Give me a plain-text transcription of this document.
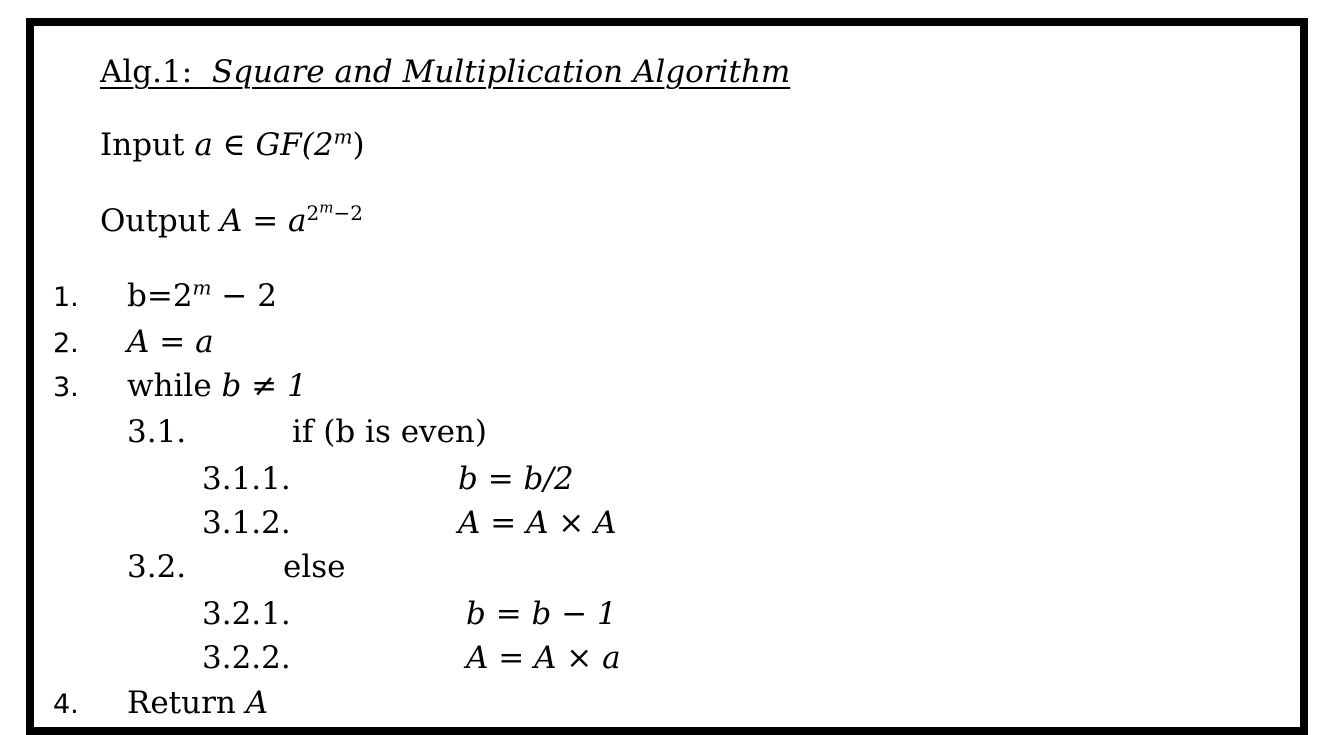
Alg.1: Square and Multiplication Algorithm
Input a ∈ GF(2$^m$)
Output $A = a^{2^m-2}$
1. $b=2^m - 2$
2. A = a
3. while b ≠ 1
3.1.	if (b is even)
3.1.1.	b = b/2
3.1.2.	A = A × A
3.2.	else
3.2.1.	b = b − 1
3.2.2.	A = A × a
4. Return A
